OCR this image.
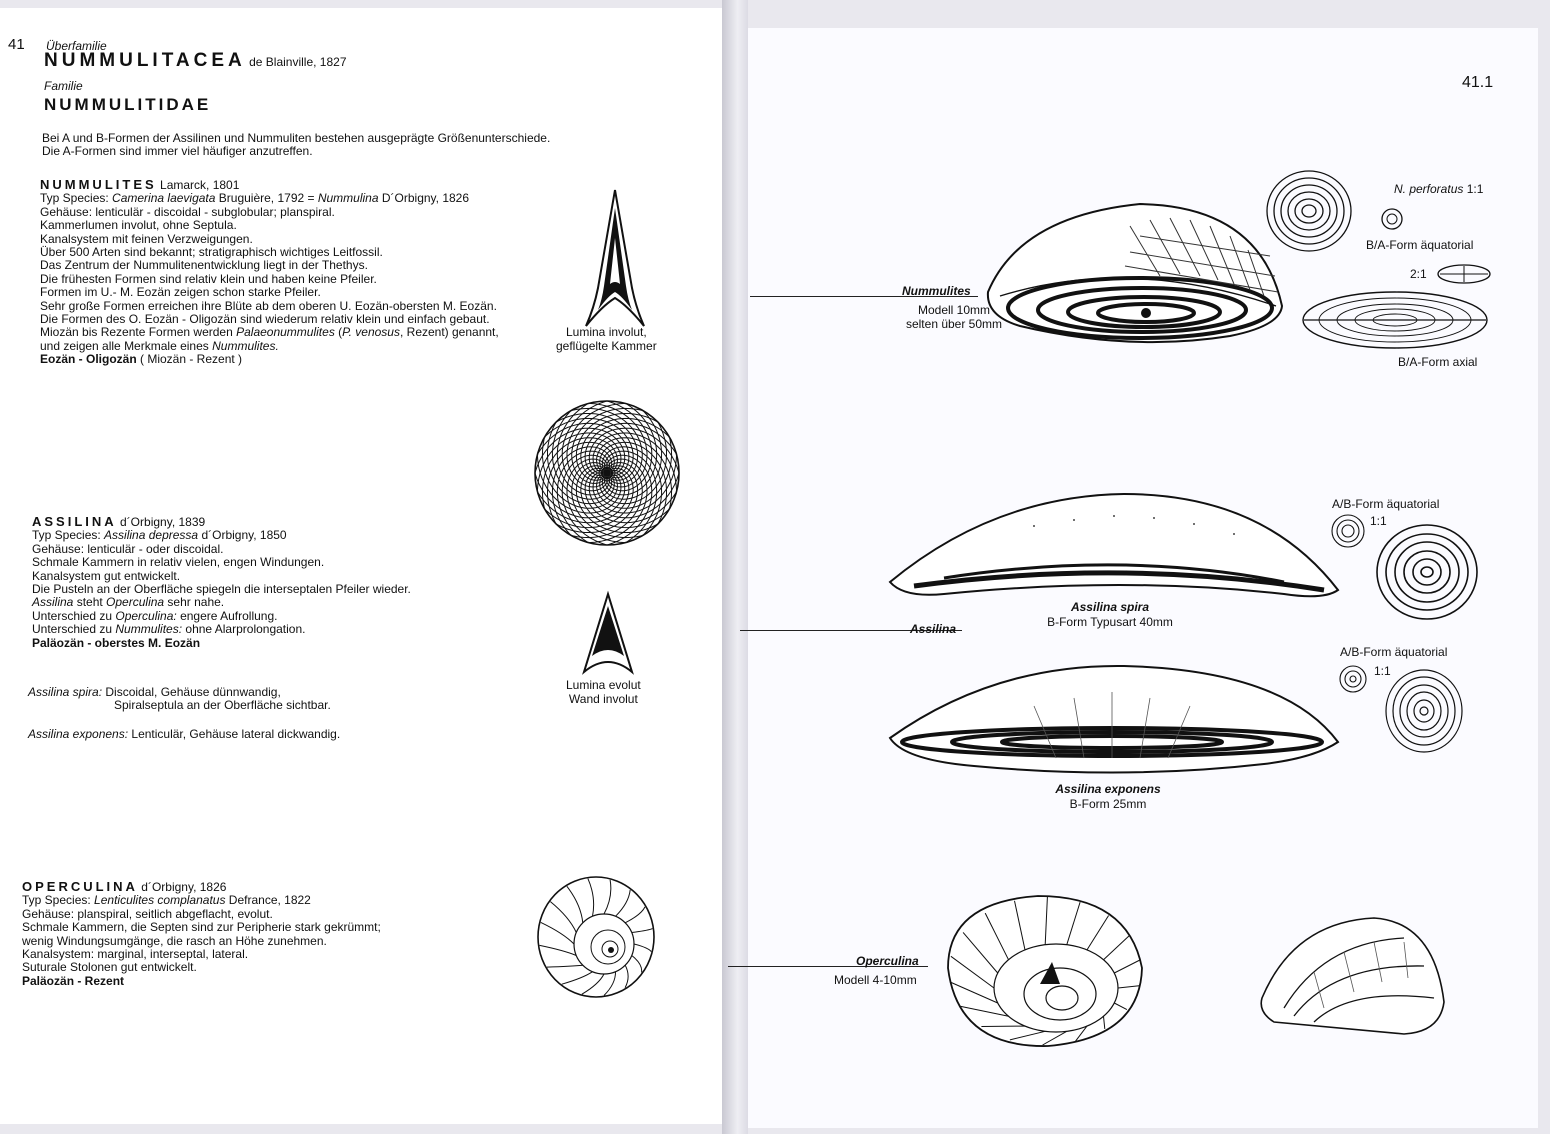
41 Überfamilie
NUMMULITACEA de Blainville, 1827
Familie
NUMMULITIDAE
Bei A und B-Formen der Assilinen und Nummuliten bestehen ausgeprägte Größenunterschiede.
Die A-Formen sind immer viel häufiger anzutreffen.
NUMMULITES Lamarck, 1801
Typ Species: Camerina laevigata Bruguière, 1792 = Nummulina D´Orbigny, 1826
Gehäuse: lenticulär - discoidal - subglobular; planspiral.
Kammerlumen involut, ohne Septula.
Kanalsystem mit feinen Verzweigungen.
Über 500 Arten sind bekannt; stratigraphisch wichtiges Leitfossil.
Das Zentrum der Nummulitenentwicklung liegt in der Thethys.
Die frühesten Formen sind relativ klein und haben keine Pfeiler.
Formen im U.- M. Eozän zeigen schon starke Pfeiler.
Sehr große Formen erreichen ihre Blüte ab dem oberen U. Eozän-obersten M. Eozän.
Die Formen des O. Eozän - Oligozän sind wiederum relativ klein und einfach gebaut.
Miozän bis Rezente Formen werden Palaeonummulites (P. venosus, Rezent) genannt,
und zeigen alle Merkmale eines Nummulites.
Eozän - Oligozän ( Miozän - Rezent )
Lumina involut,
geflügelte Kammer
ASSILINA d´Orbigny, 1839
Typ Species: Assilina depressa d´Orbigny, 1850
Gehäuse: lenticulär - oder discoidal.
Schmale Kammern in relativ vielen, engen Windungen.
Kanalsystem gut entwickelt.
Die Pusteln an der Oberfläche spiegeln die interseptalen Pfeiler wieder.
Assilina steht Operculina sehr nahe.
Unterschied zu Operculina: engere Aufrollung.
Unterschied zu Nummulites: ohne Alarprolongation.
Paläozän - oberstes M. Eozän
Assilina spira: Discoidal, Gehäuse dünnwandig,
Spiralseptula an der Oberfläche sichtbar.
Assilina exponens: Lenticulär, Gehäuse lateral dickwandig.
Lumina evolut
Wand involut
OPERCULINA d´Orbigny, 1826
Typ Species: Lenticulites complanatus Defrance, 1822
Gehäuse: planspiral, seitlich abgeflacht, evolut.
Schmale Kammern, die Septen sind zur Peripherie stark gekrümmt;
wenig Windungsumgänge, die rasch an Höhe zunehmen.
Kanalsystem: marginal, interseptal, lateral.
Suturale Stolonen gut entwickelt.
Paläozän - Rezent
41.1
Nummulites
Modell 10mm
selten über 50mm
N. perforatus 1:1
B/A-Form äquatorial
2:1
B/A-Form axial
Assilina spira
B-Form Typusart 40mm
Assilina
A/B-Form äquatorial
1:1
Assilina exponens
B-Form 25mm
A/B-Form äquatorial
1:1
Operculina
Modell 4-10mm
